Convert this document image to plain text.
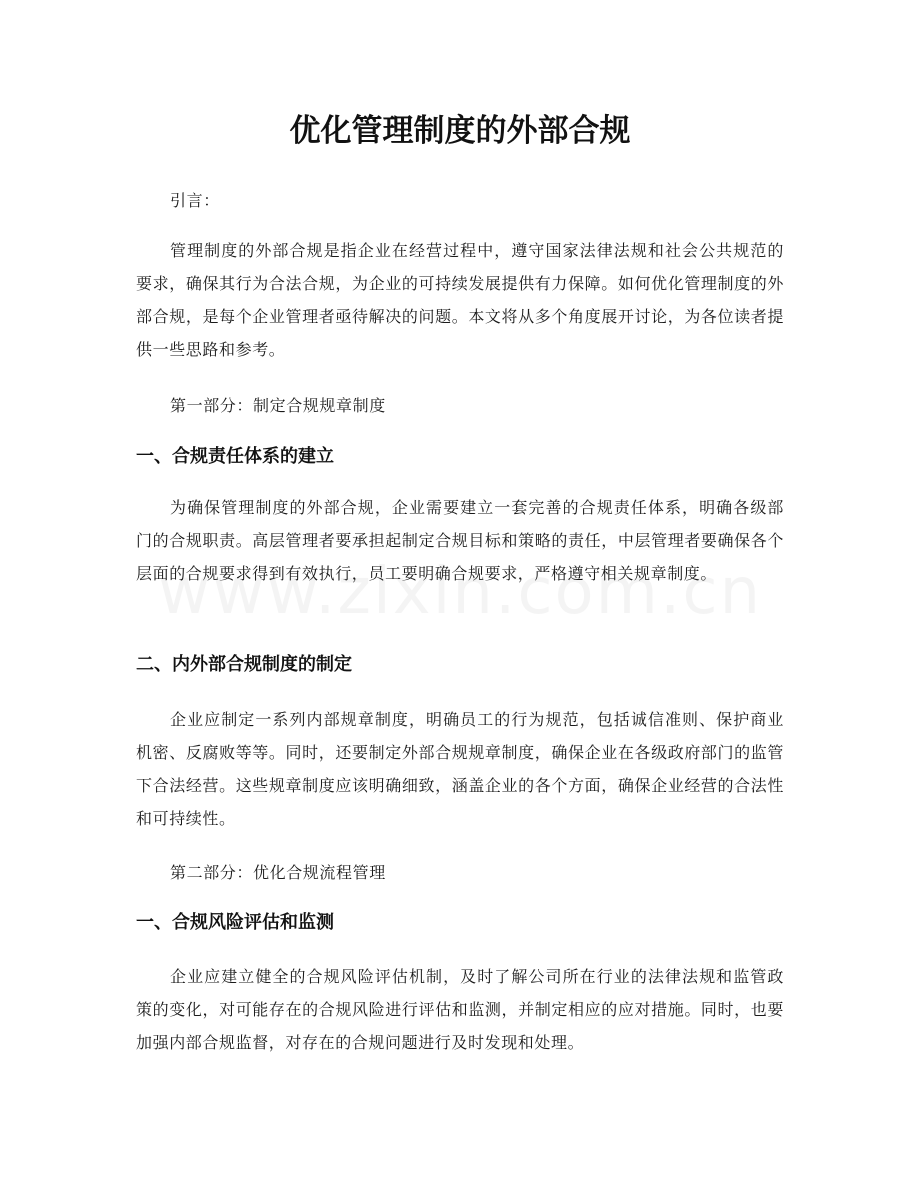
优化管理制度的外部合规

引言：

管理制度的外部合规是指企业在经营过程中，遵守国家法律法规和社会公共规范的要求，确保其行为合法合规，为企业的可持续发展提供有力保障。如何优化管理制度的外部合规，是每个企业管理者亟待解决的问题。本文将从多个角度展开讨论，为各位读者提供一些思路和参考。

第一部分：制定合规规章制度

一、合规责任体系的建立

为确保管理制度的外部合规，企业需要建立一套完善的合规责任体系，明确各级部门的合规职责。高层管理者要承担起制定合规目标和策略的责任，中层管理者要确保各个层面的合规要求得到有效执行，员工要明确合规要求，严格遵守相关规章制度。

二、内外部合规制度的制定

企业应制定一系列内部规章制度，明确员工的行为规范，包括诚信准则、保护商业机密、反腐败等等。同时，还要制定外部合规规章制度，确保企业在各级政府部门的监管下合法经营。这些规章制度应该明确细致，涵盖企业的各个方面，确保企业经营的合法性和可持续性。

第二部分：优化合规流程管理

一、合规风险评估和监测

企业应建立健全的合规风险评估机制，及时了解公司所在行业的法律法规和监管政策的变化，对可能存在的合规风险进行评估和监测，并制定相应的应对措施。同时，也要加强内部合规监督，对存在的合规问题进行及时发现和处理。
